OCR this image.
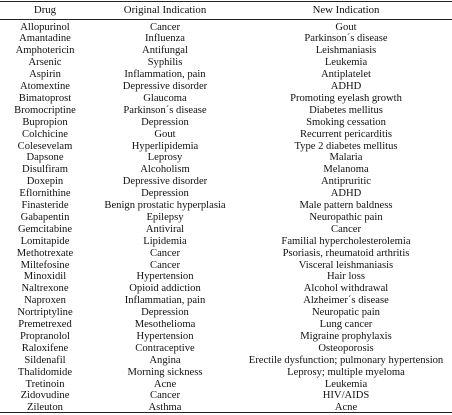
Drug	Original Indication	New Indication
Allopurinol	Cancer	Gout
Amantadine	Influenza	Parkinson´s disease
Amphotericin	Antifungal	Leishmaniasis
Arsenic	Syphilis	Leukemia
Aspirin	Inflammation, pain	Antiplatelet
Atomextine	Depressive disorder	ADHD
Bimatoprost	Glaucoma	Promoting eyelash growth
Bromocriptine	Parkinson´s disease	Diabetes mellitus
Bupropion	Depression	Smoking cessation
Colchicine	Gout	Recurrent pericarditis
Colesevelam	Hyperlipidemia	Type 2 diabetes mellitus
Dapsone	Leprosy	Malaria
Disulfiram	Alcoholism	Melanoma
Doxepin	Depressive disorder	Antipruritic
Eflornithine	Depression	ADHD
Finasteride	Benign prostatic hyperplasia	Male pattern baldness
Gabapentin	Epilepsy	Neuropathic pain
Gemcitabine	Antiviral	Cancer
Lomitapide	Lipidemia	Familial hypercholesterolemia
Methotrexate	Cancer	Psoriasis, rheumatoid arthritis
Miltefosine	Cancer	Visceral leishmaniasis
Minoxidil	Hypertension	Hair loss
Naltrexone	Opioid addiction	Alcohol withdrawal
Naproxen	Inflammatian, pain	Alzheimer´s disease
Nortriptyline	Depression	Neuropatic pain
Premetrexed	Mesothelioma	Lung cancer
Propranolol	Hypertension	Migraine prophylaxis
Raloxifene	Contraceptive	Osteoporosis
Sildenafil	Angina	Erectile dysfunction; pulmonary hypertension
Thalidomide	Morning sickness	Leprosy; multiple myeloma
Tretinoin	Acne	Leukemia
Zidovudine	Cancer	HIV/AIDS
Zileuton	Asthma	Acne
